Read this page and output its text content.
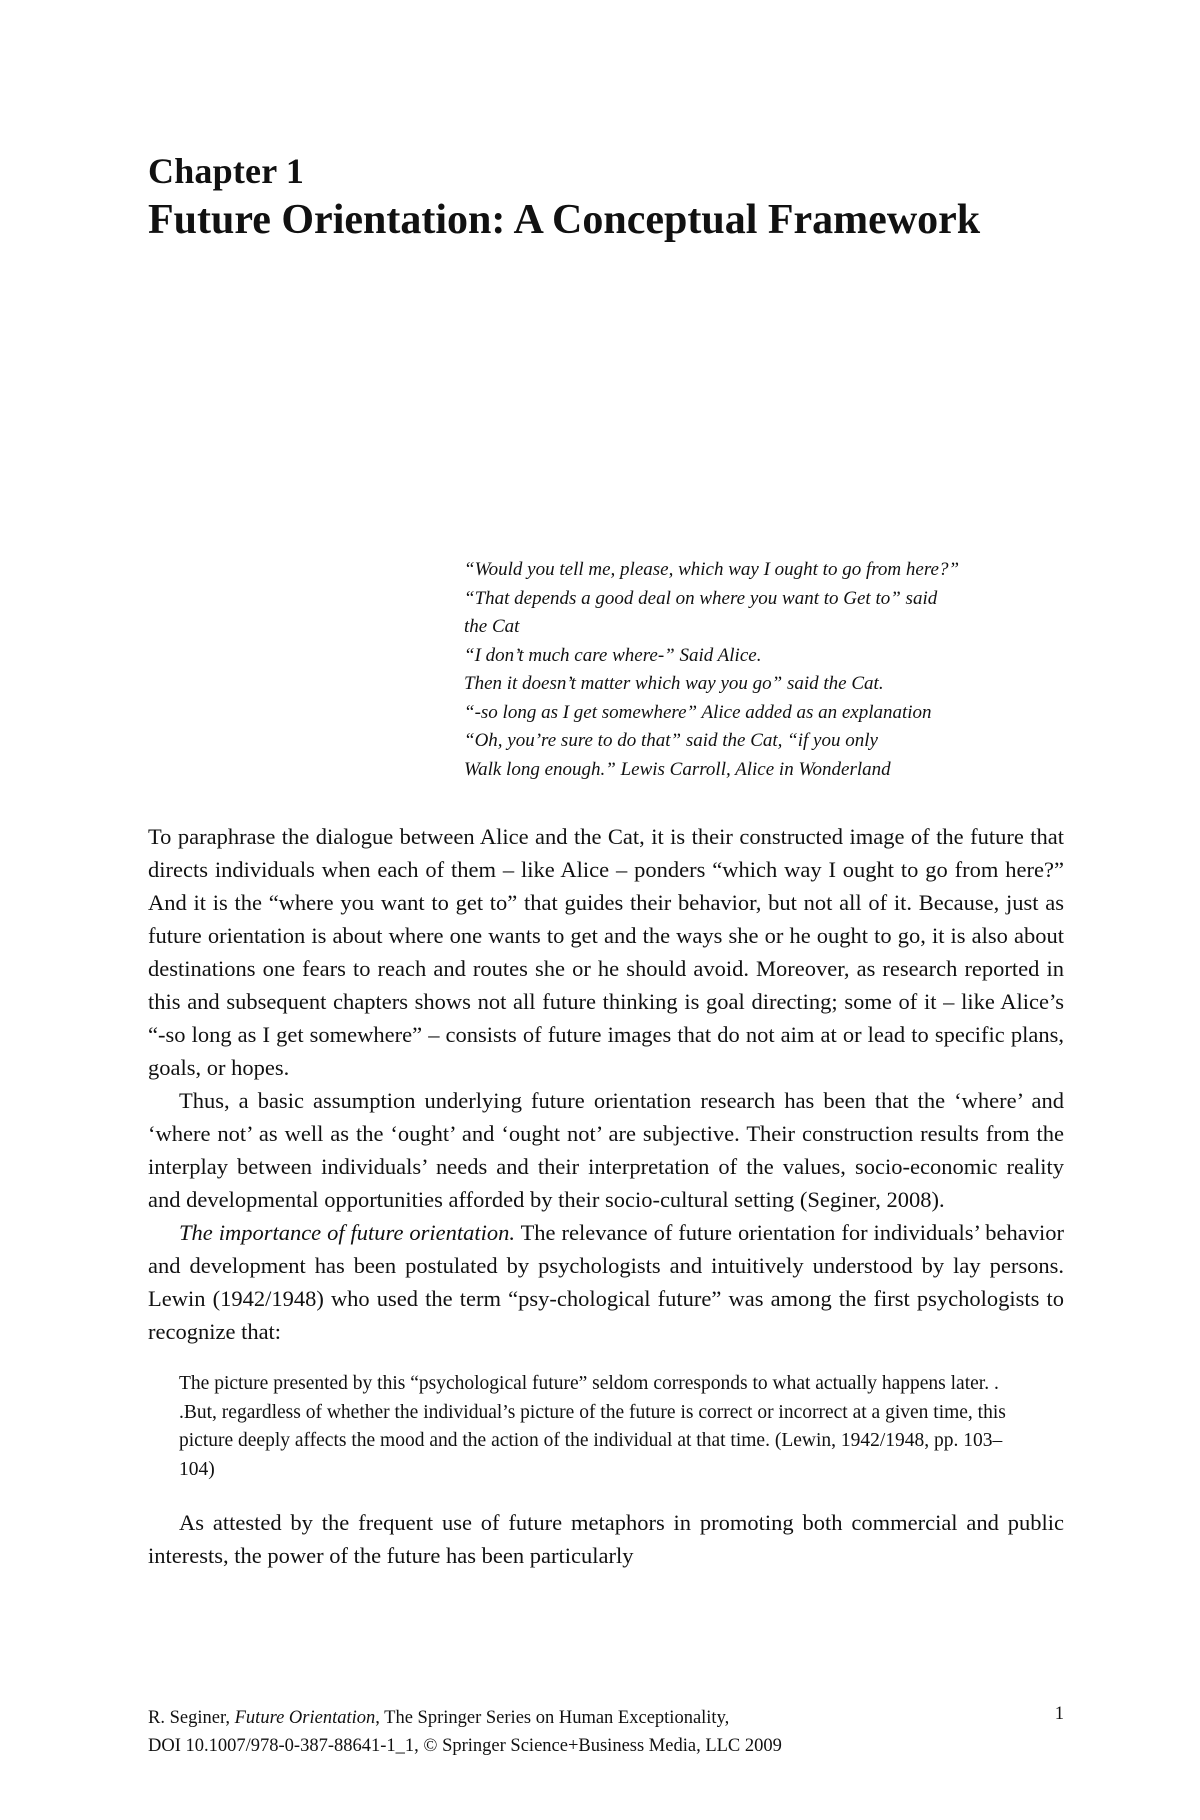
Chapter 1
Future Orientation: A Conceptual Framework
“Would you tell me, please, which way I ought to go from here?”
“That depends a good deal on where you want to Get to” said
the Cat
“I don’t much care where-” Said Alice.
Then it doesn’t matter which way you go” said the Cat.
“-so long as I get somewhere” Alice added as an explanation
“Oh, you’re sure to do that” said the Cat, “if you only
Walk long enough.” Lewis Carroll, Alice in Wonderland

To paraphrase the dialogue between Alice and the Cat, it is their constructed image of the future that directs individuals when each of them – like Alice – ponders “which way I ought to go from here?” And it is the “where you want to get to” that guides their behavior, but not all of it. Because, just as future orientation is about where one wants to get and the ways she or he ought to go, it is also about destinations one fears to reach and routes she or he should avoid. Moreover, as research reported in this and subsequent chapters shows not all future thinking is goal directing; some of it – like Alice’s “-so long as I get somewhere” – consists of future images that do not aim at or lead to specific plans, goals, or hopes.

Thus, a basic assumption underlying future orientation research has been that the ‘where’ and ‘where not’ as well as the ‘ought’ and ‘ought not’ are subjective. Their construction results from the interplay between individuals’ needs and their interpretation of the values, socio-economic reality and developmental opportunities afforded by their socio-cultural setting (Seginer, 2008).

The importance of future orientation. The relevance of future orientation for individuals’ behavior and development has been postulated by psychologists and intuitively understood by lay persons. Lewin (1942/1948) who used the term “psy-chological future” was among the first psychologists to recognize that:

The picture presented by this “psychological future” seldom corresponds to what actually happens later. . .But, regardless of whether the individual’s picture of the future is correct or incorrect at a given time, this picture deeply affects the mood and the action of the individual at that time. (Lewin, 1942/1948, pp. 103–104)

As attested by the frequent use of future metaphors in promoting both commercial and public interests, the power of the future has been particularly

R. Seginer, Future Orientation, The Springer Series on Human Exceptionality,
DOI 10.1007/978-0-387-88641-1_1, © Springer Science+Business Media, LLC 2009
1
